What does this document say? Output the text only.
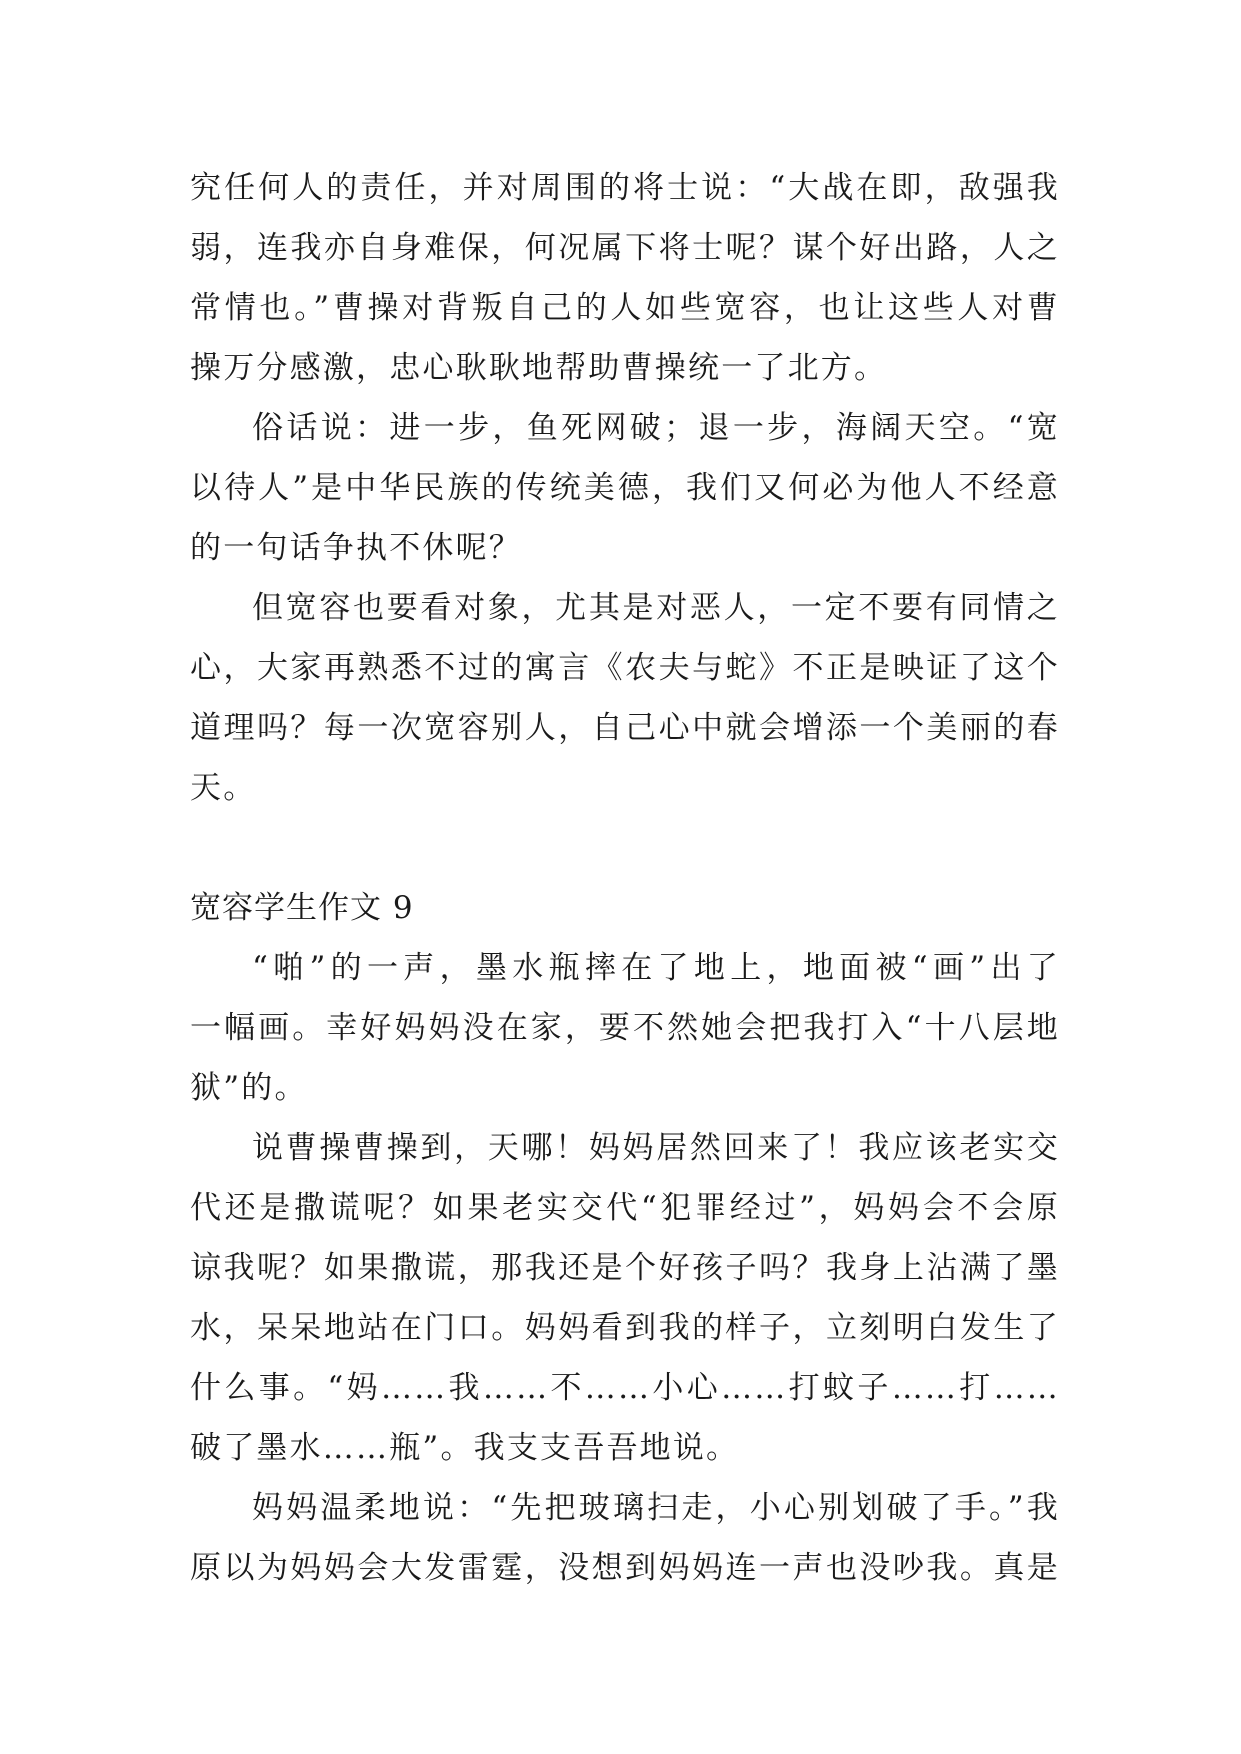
究任何人的责任，并对周围的将士说：“大战在即，敌强我
弱，连我亦自身难保，何况属下将士呢？谋个好出路，人之
常情也。”曹操对背叛自己的人如些宽容，也让这些人对曹
操万分感激，忠心耿耿地帮助曹操统一了北方。
俗话说：进一步，鱼死网破；退一步，海阔天空。“宽
以待人”是中华民族的传统美德，我们又何必为他人不经意
的一句话争执不休呢？
但宽容也要看对象，尤其是对恶人，一定不要有同情之
心，大家再熟悉不过的寓言《农夫与蛇》不正是映证了这个
道理吗？每一次宽容别人，自己心中就会增添一个美丽的春
天。
宽容学生作文 9
“啪”的一声，墨水瓶摔在了地上，地面被“画”出了
一幅画。幸好妈妈没在家，要不然她会把我打入“十八层地
狱”的。
说曹操曹操到，天哪！妈妈居然回来了！我应该老实交
代还是撒谎呢？如果老实交代“犯罪经过”，妈妈会不会原
谅我呢？如果撒谎，那我还是个好孩子吗？我身上沾满了墨
水，呆呆地站在门口。妈妈看到我的样子，立刻明白发生了
什么事。“妈……我……不……小心……打蚊子……打……
破了墨水……瓶”。我支支吾吾地说。
妈妈温柔地说：“先把玻璃扫走，小心别划破了手。”我
原以为妈妈会大发雷霆，没想到妈妈连一声也没吵我。真是
